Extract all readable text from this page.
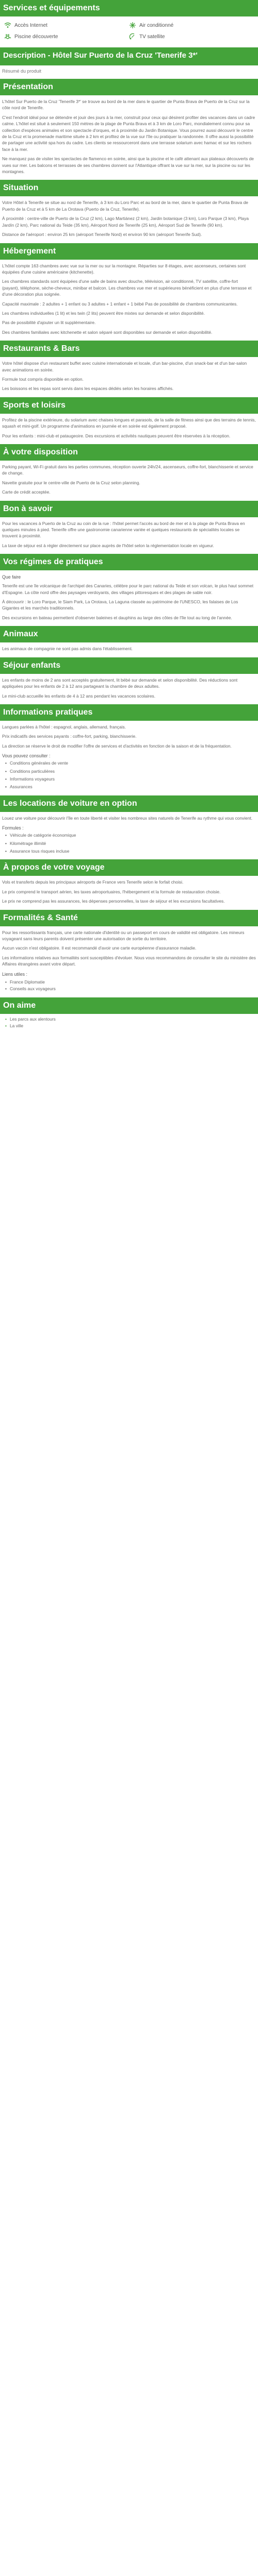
Services et équipements
Accès Internet	Air conditionné
Piscine découverte	TV satellite
Description - Hôtel Sur Puerto de la Cruz 'Tenerife 3*'
Résumé du produit
Présentation

L'hôtel Sur Puerto de la Cruz 'Tenerife 3*' se trouve au bord de la mer dans le quartier de Punta Brava de Puerto de la Cruz sur la côte nord de Tenerife.

C'est l'endroit idéal pour se détendre et jouir des jours à la mer, construit pour ceux qui désirent profiter des vacances dans un cadre calme. L'hôtel est situé à seulement 150 mètres de la plage de Punta Brava et à 3 km de Loro Parc, mondialement connu pour sa collection d'espèces animales et son spectacle d'orques, et à proximité du Jardin Botanique. Vous pourrez aussi découvrir le centre de la Cruz et la promenade maritime située à 2 km et profitez de la vue sur l'île ou pratiquer la randonnée. Il offre aussi la possibilité de partager une activité spa hors du cadre. Les clients se ressourceront dans une terrasse solarium avec hamac et sur les rochers face à la mer.

Ne manquez pas de visiter les spectacles de flamenco en soirée, ainsi que la piscine et le café attenant aux plateaux découverts de vues sur mer. Les balcons et terrasses de ses chambres donnent sur l'Atlantique offrant la vue sur la mer, sur la piscine ou sur les montagnes.

Situation

Votre Hôtel à Tenerife se situe au nord de Tenerife, à 3 km du Loro Parc et au bord de la mer, dans le quartier de Punta Brava de Puerto de la Cruz et à 5 km de La Orotava (Puerto de la Cruz, Tenerife).

À proximité : centre-ville de Puerto de la Cruz (2 km), Lago Martiánez (2 km), Jardin botanique (3 km), Loro Parque (3 km), Playa Jardín (2 km), Parc national du Teide (35 km), Aéroport Nord de Tenerife (25 km), Aéroport Sud de Tenerife (90 km).

Distance de l'aéroport : environ 25 km (aéroport Tenerife Nord) et environ 90 km (aéroport Tenerife Sud).

Hébergement

L'hôtel compte 163 chambres avec vue sur la mer ou sur la montagne. Réparties sur 8 étages, avec ascenseurs, certaines sont équipées d'une cuisine américaine (kitchenette).

Les chambres standards sont équipées d'une salle de bains avec douche, télévision, air conditionné, TV satellite, coffre-fort (payant), téléphone, sèche-cheveux, minibar et balcon. Les chambres vue mer et supérieures bénéficient en plus d'une terrasse et d'une décoration plus soignée.

Capacité maximale : 2 adultes + 1 enfant ou 3 adultes + 1 enfant + 1 bébé Pas de possibilité de chambres communicantes.

Les chambres individuelles (1 lit) et les twin (2 lits) peuvent être mixtes sur demande et selon disponibilité.

Pas de possibilité d'ajouter un lit supplémentaire.

Des chambres familiales avec kitchenette et salon séparé sont disponibles sur demande et selon disponibilité.

Restaurants & Bars

Votre hôtel dispose d'un restaurant buffet avec cuisine internationale et locale, d'un bar-piscine, d'un snack-bar et d'un bar-salon avec animations en soirée.

Formule tout compris disponible en option.

Les boissons et les repas sont servis dans les espaces dédiés selon les horaires affichés.

Sports et loisirs

Profitez de la piscine extérieure, du solarium avec chaises longues et parasols, de la salle de fitness ainsi que des terrains de tennis, squash et mini-golf. Un programme d'animations en journée et en soirée est également proposé.

Pour les enfants : mini-club et pataugeoire. Des excursions et activités nautiques peuvent être réservées à la réception.

À votre disposition

Parking payant, Wi-Fi gratuit dans les parties communes, réception ouverte 24h/24, ascenseurs, coffre-fort, blanchisserie et service de change.

Navette gratuite pour le centre-ville de Puerto de la Cruz selon planning.

Carte de crédit acceptée.

Bon à savoir

Pour les vacances à Puerto de la Cruz au coin de la rue : l'hôtel permet l'accès au bord de mer et à la plage de Punta Brava en quelques minutes à pied. Tenerife offre une gastronomie canarienne variée et quelques restaurants de spécialités locales se trouvent à proximité.

La taxe de séjour est à régler directement sur place auprès de l'hôtel selon la réglementation locale en vigueur.

Vos régimes de pratiques
Que faire

Tenerife est une île volcanique de l'archipel des Canaries, célèbre pour le parc national du Teide et son volcan, le plus haut sommet d'Espagne. La côte nord offre des paysages verdoyants, des villages pittoresques et des plages de sable noir.

À découvrir : le Loro Parque, le Siam Park, La Orotava, La Laguna classée au patrimoine de l'UNESCO, les falaises de Los Gigantes et les marchés traditionnels.

Des excursions en bateau permettent d'observer baleines et dauphins au large des côtes de l'île tout au long de l'année.

Animaux

Les animaux de compagnie ne sont pas admis dans l'établissement.

Séjour enfants

Les enfants de moins de 2 ans sont acceptés gratuitement, lit bébé sur demande et selon disponibilité. Des réductions sont appliquées pour les enfants de 2 à 12 ans partageant la chambre de deux adultes.

Le mini-club accueille les enfants de 4 à 12 ans pendant les vacances scolaires.

Informations pratiques

Langues parlées à l'hôtel : espagnol, anglais, allemand, français.

Prix indicatifs des services payants : coffre-fort, parking, blanchisserie.

La direction se réserve le droit de modifier l'offre de services et d'activités en fonction de la saison et de la fréquentation.

Vous pouvez consulter :
• Conditions générales de vente
• Conditions particulières
• Informations voyageurs
• Assurances
Les locations de voiture en option

Louez une voiture pour découvrir l'île en toute liberté et visiter les nombreux sites naturels de Tenerife au rythme qui vous convient.

Formules :
• Véhicule de catégorie économique
• Kilométrage illimité
• Assurance tous risques incluse
À propos de votre voyage

Vols et transferts depuis les principaux aéroports de France vers Tenerife selon le forfait choisi.

Le prix comprend le transport aérien, les taxes aéroportuaires, l'hébergement et la formule de restauration choisie.

Le prix ne comprend pas les assurances, les dépenses personnelles, la taxe de séjour et les excursions facultatives.

Formalités & Santé

Pour les ressortissants français, une carte nationale d'identité ou un passeport en cours de validité est obligatoire. Les mineurs voyageant sans leurs parents doivent présenter une autorisation de sortie du territoire.

Aucun vaccin n'est obligatoire. Il est recommandé d'avoir une carte européenne d'assurance maladie.

Les informations relatives aux formalités sont susceptibles d'évoluer. Nous vous recommandons de consulter le site du ministère des Affaires étrangères avant votre départ.

Liens utiles :
• France Diplomatie
• Conseils aux voyageurs
On aime
• Les parcs aux alentours
• La ville
